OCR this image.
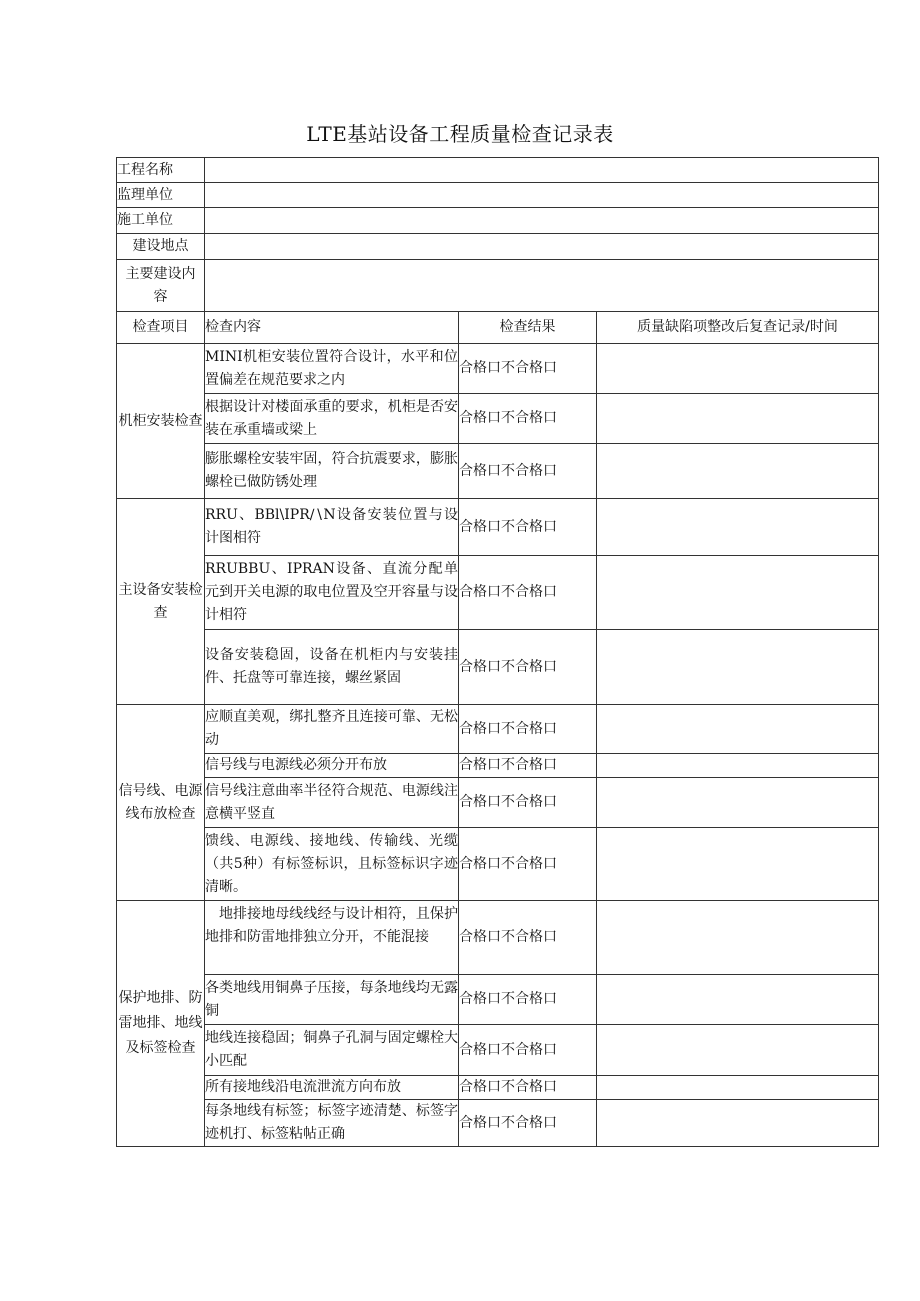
LTE基站设备工程质量检查记录表
工程名称			
监理单位			
施工单位			
建设地点			
主要建设内容			
检查项目	检查内容	检查结果	质量缺陷项整改后复查记录/时间
机柜安装检查	MINI机柜安装位置符合设计，水平和位置偏差在规范要求之内	合格口不合格口	
	根据设计对楼面承重的要求，机柜是否安装在承重墙或梁上	合格口不合格口	
	膨胀螺栓安装牢固，符合抗震要求，膨胀螺栓已做防锈处理	合格口不合格口	
主设备安装检查	RRU、BBl\IPR∕∖N设备安装位置与设计图相符	合格口不合格口	
	RRUBBU、IPRAN设备、直流分配单元到开关电源的取电位置及空开容量与设计相符	合格口不合格口	
	设备安装稳固，设备在机柜内与安装挂件、托盘等可靠连接，螺丝紧固	合格口不合格口	
信号线、电源线布放检查	应顺直美观，绑扎整齐且连接可靠、无松动	合格口不合格口	
	信号线与电源线必须分开布放	合格口不合格口	
	信号线注意曲率半径符合规范、电源线注意横平竖直	合格口不合格口	
	馈线、电源线、接地线、传输线、光缆（共5种）有标签标识，且标签标识字迹清晰。	合格口不合格口	
保护地排、防雷地排、地线及标签检查	地排接地母线线经与设计相符，且保护地排和防雷地排独立分开，不能混接	合格口不合格口	
	各类地线用铜鼻子压接，每条地线均无露铜	合格口不合格口	
	地线连接稳固；铜鼻子孔洞与固定螺栓大小匹配	合格口不合格口	
	所有接地线沿电流泄流方向布放	合格口不合格口	
	每条地线有标签；标签字迹清楚、标签字迹机打、标签粘帖正确	合格口不合格口	
